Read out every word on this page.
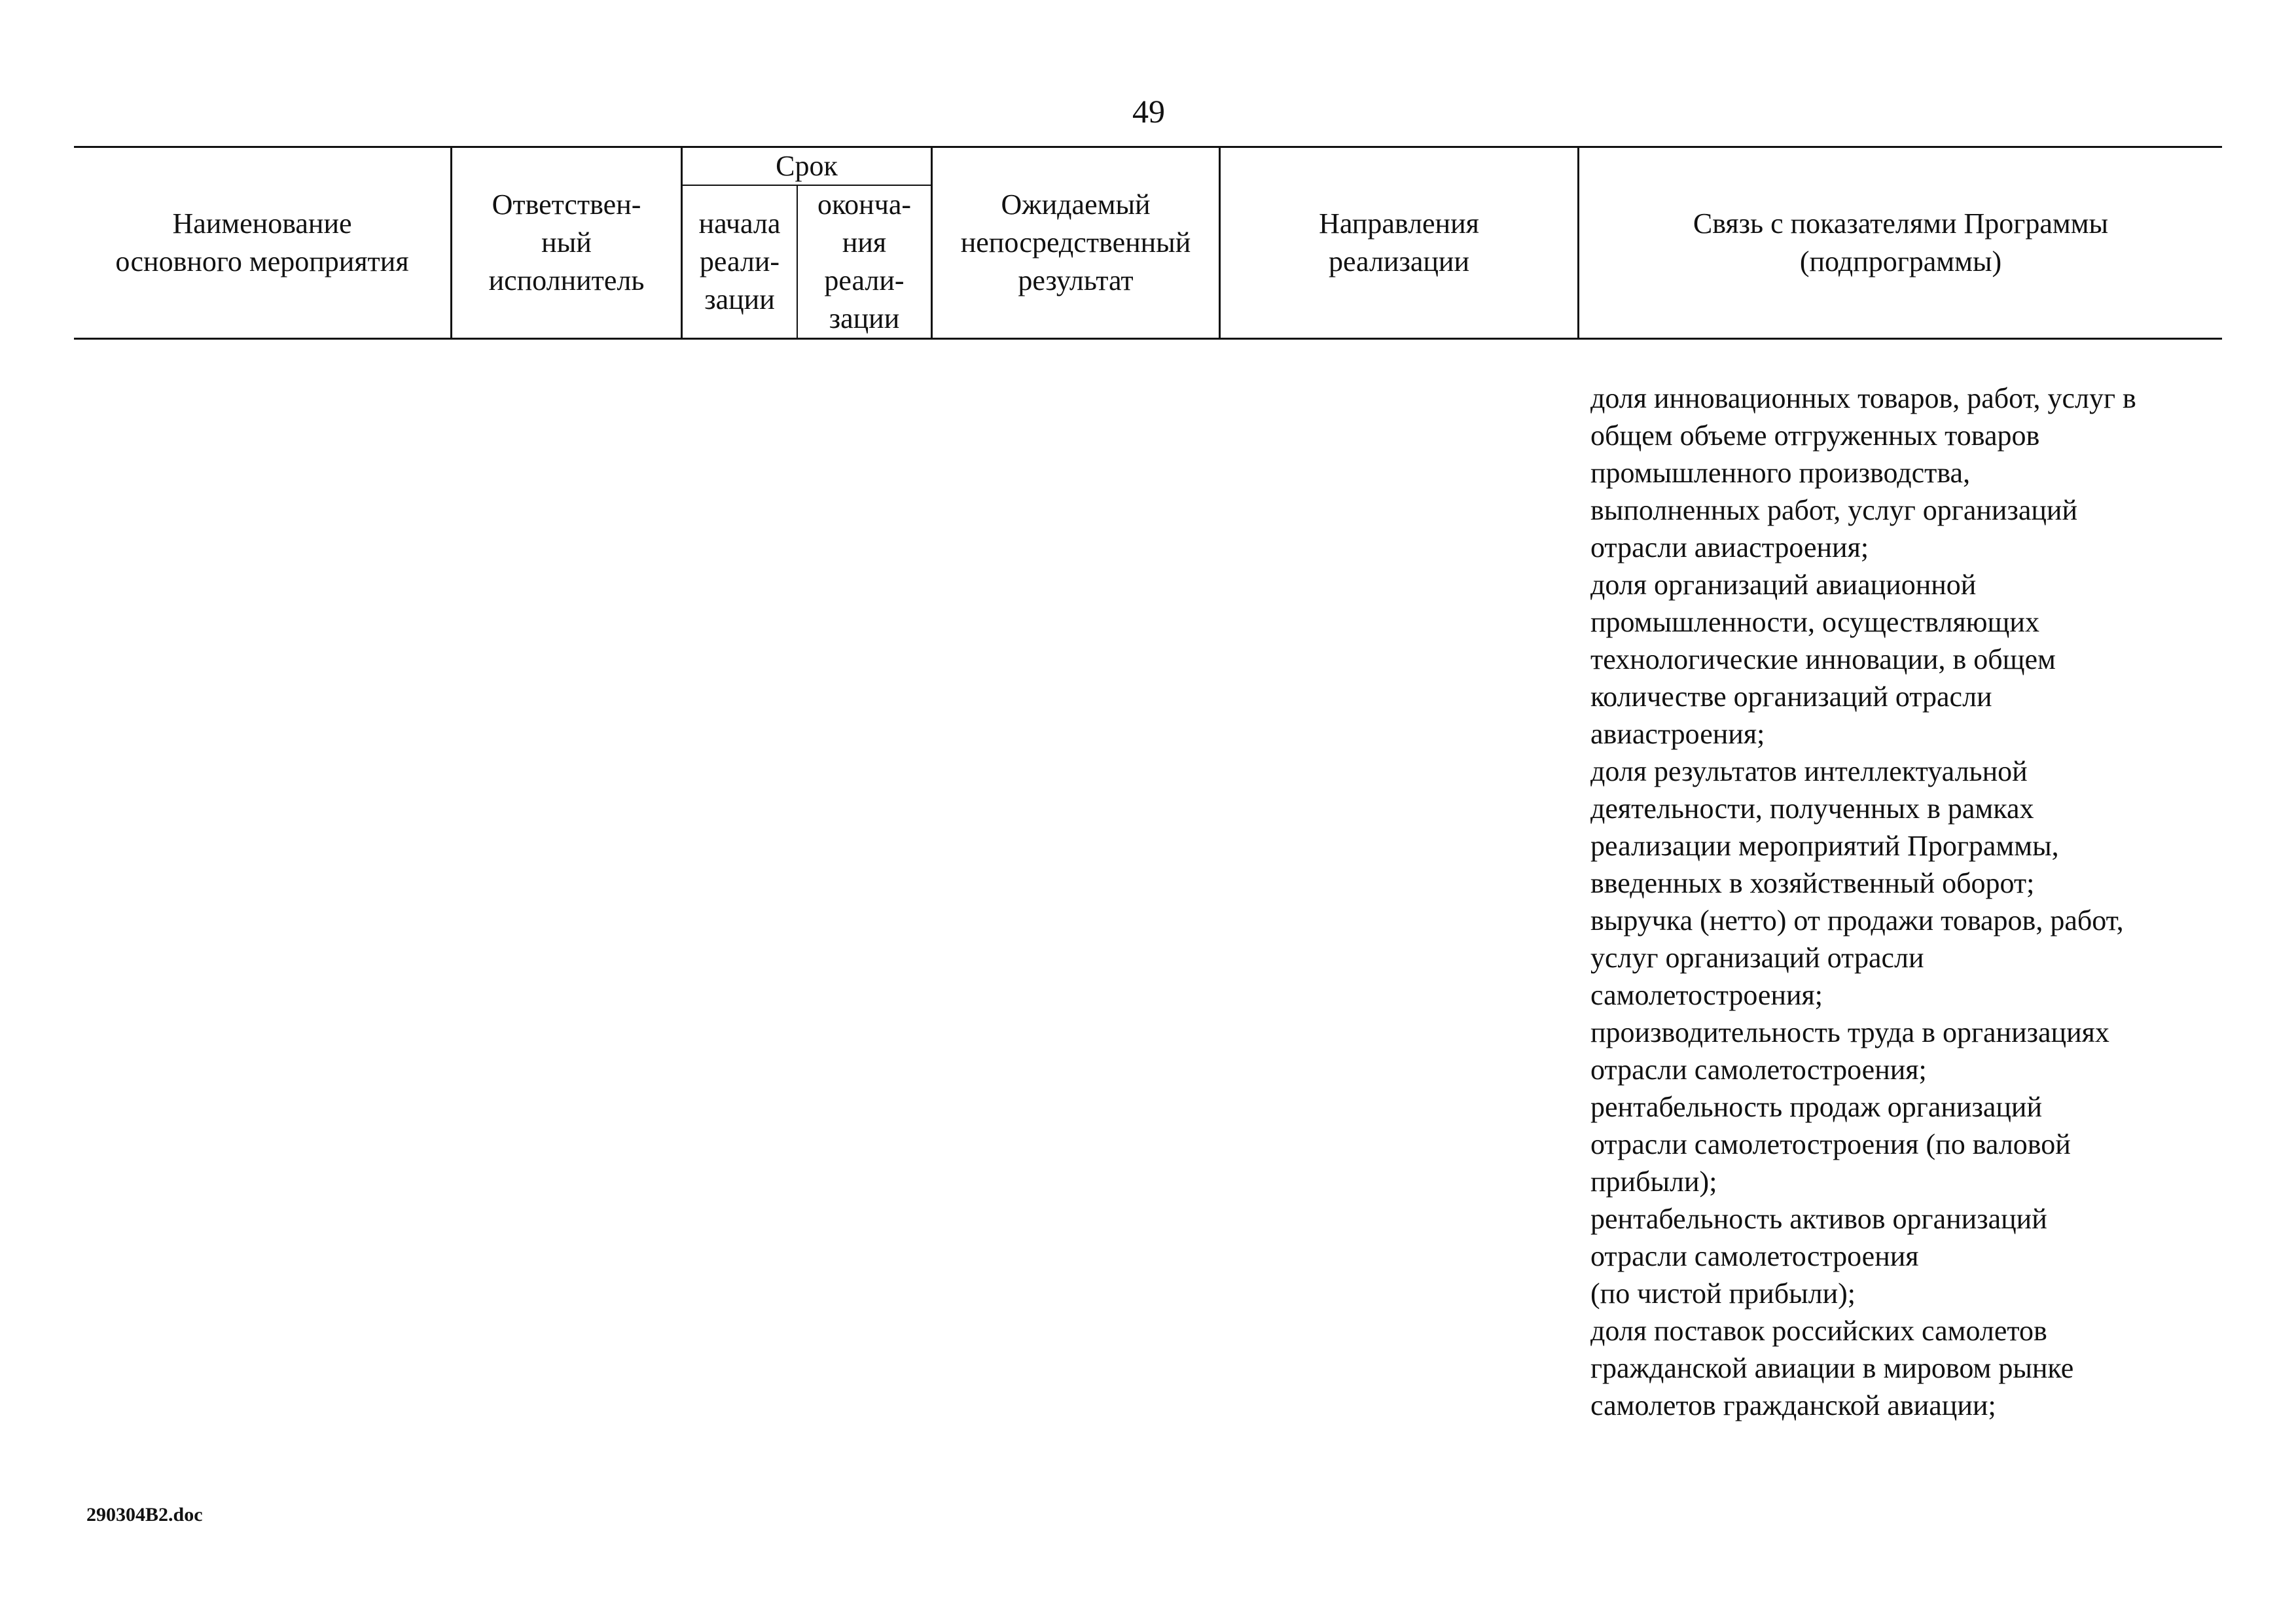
49
Наименование
основного мероприятия
Ответствен-
ный
исполнитель
Срок
начала
реали-
зации
оконча-
ния
реали-
зации
Ожидаемый
непосредственный
результат
Направления
реализации
Связь с показателями Программы
(подпрограммы)
доля инновационных товаров, работ, услуг в
общем объеме отгруженных товаров
промышленного производства,
выполненных работ, услуг организаций
отрасли авиастроения;
доля организаций авиационной
промышленности, осуществляющих
технологические инновации, в общем
количестве организаций отрасли
авиастроения;
доля результатов интеллектуальной
деятельности, полученных в рамках
реализации мероприятий Программы,
введенных в хозяйственный оборот;
выручка (нетто) от продажи товаров, работ,
услуг организаций отрасли
самолетостроения;
производительность труда в организациях
отрасли самолетостроения;
рентабельность продаж организаций
отрасли самолетостроения (по валовой
прибыли);
рентабельность активов организаций
отрасли самолетостроения
(по чистой прибыли);
доля поставок российских самолетов
гражданской авиации в мировом рынке
самолетов гражданской авиации;
290304B2.doc
